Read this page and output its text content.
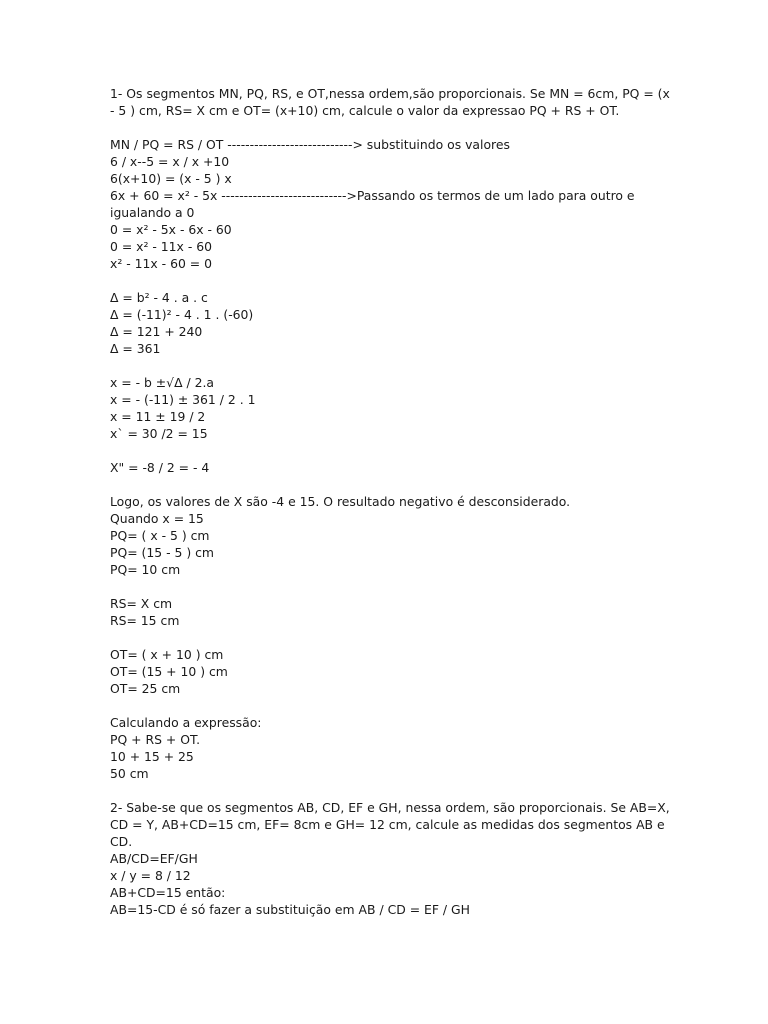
1- Os segmentos MN, PQ, RS, e OT,nessa ordem,são proporcionais. Se MN = 6cm, PQ = (x - 5 ) cm, RS= X cm e OT= (x+10) cm, calcule o valor da expressao PQ + RS + OT.
MN / PQ = RS / OT ----------------------------> substituindo os valores
6 / x--5 = x / x +10
6(x+10) = (x - 5 ) x
6x + 60 = x² - 5x ---------------------------->Passando os termos de um lado para outro e igualando a 0
0 = x² - 5x - 6x - 60
0 = x² - 11x - 60
x² - 11x - 60 = 0
Δ = b² - 4 . a . c
Δ = (-11)² - 4 . 1 . (-60)
Δ = 121 + 240
Δ = 361
x = - b ±√Δ / 2.a
x = - (-11) ± 361 / 2 . 1
x = 11 ± 19 / 2
x` = 30 /2 = 15
X" = -8 / 2 = - 4
Logo, os valores de X são -4 e 15. O resultado negativo é desconsiderado.
Quando x = 15
PQ= ( x - 5 ) cm
PQ= (15 - 5 ) cm
PQ= 10 cm
RS= X cm
RS= 15 cm
OT= ( x + 10 ) cm
OT= (15 + 10 ) cm
OT= 25 cm
Calculando a expressão:
PQ + RS + OT.
10 + 15 + 25
50 cm
2- Sabe-se que os segmentos AB, CD, EF e GH, nessa ordem, são proporcionais. Se AB=X, CD = Y, AB+CD=15 cm, EF= 8cm e GH= 12 cm, calcule as medidas dos segmentos AB e CD.
AB/CD=EF/GH
x / y = 8 / 12
AB+CD=15 então:
AB=15-CD é só fazer a substituição em AB / CD = EF / GH
